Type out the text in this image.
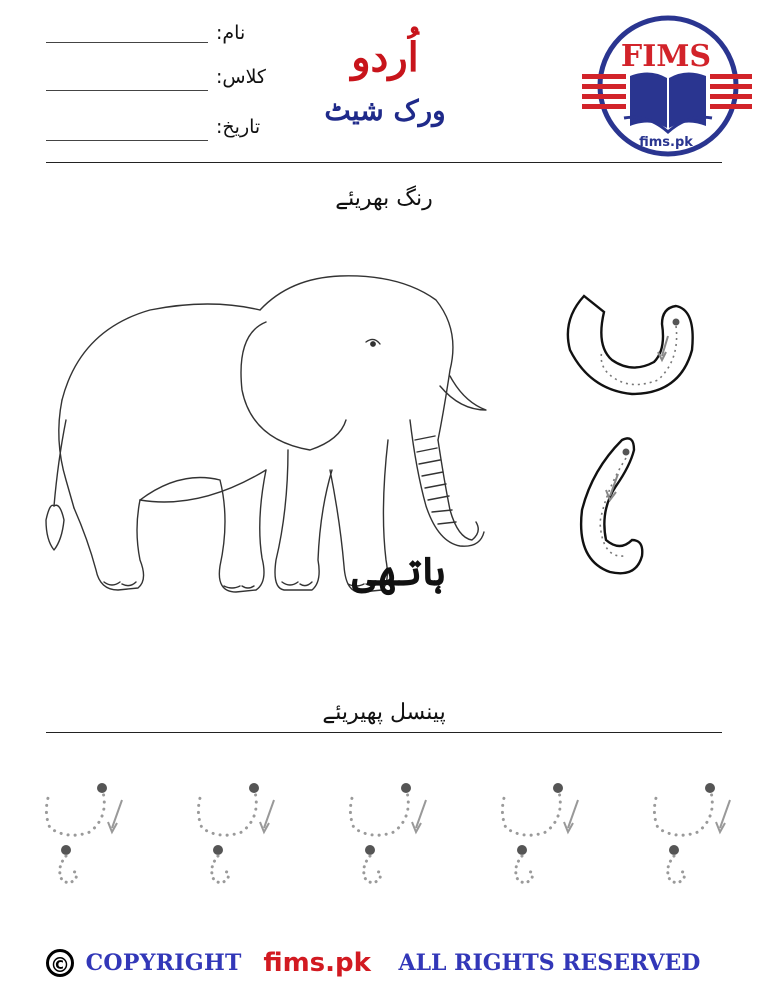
نام:
کلاس:
تاریخ:
اُردو
ورک شیٹ
FIMS
fims.pk
رنگ بھریئے
ہاتھی
پینسل پھیریئے
© COPYRIGHT fims.pk ALL RIGHTS RESERVED
